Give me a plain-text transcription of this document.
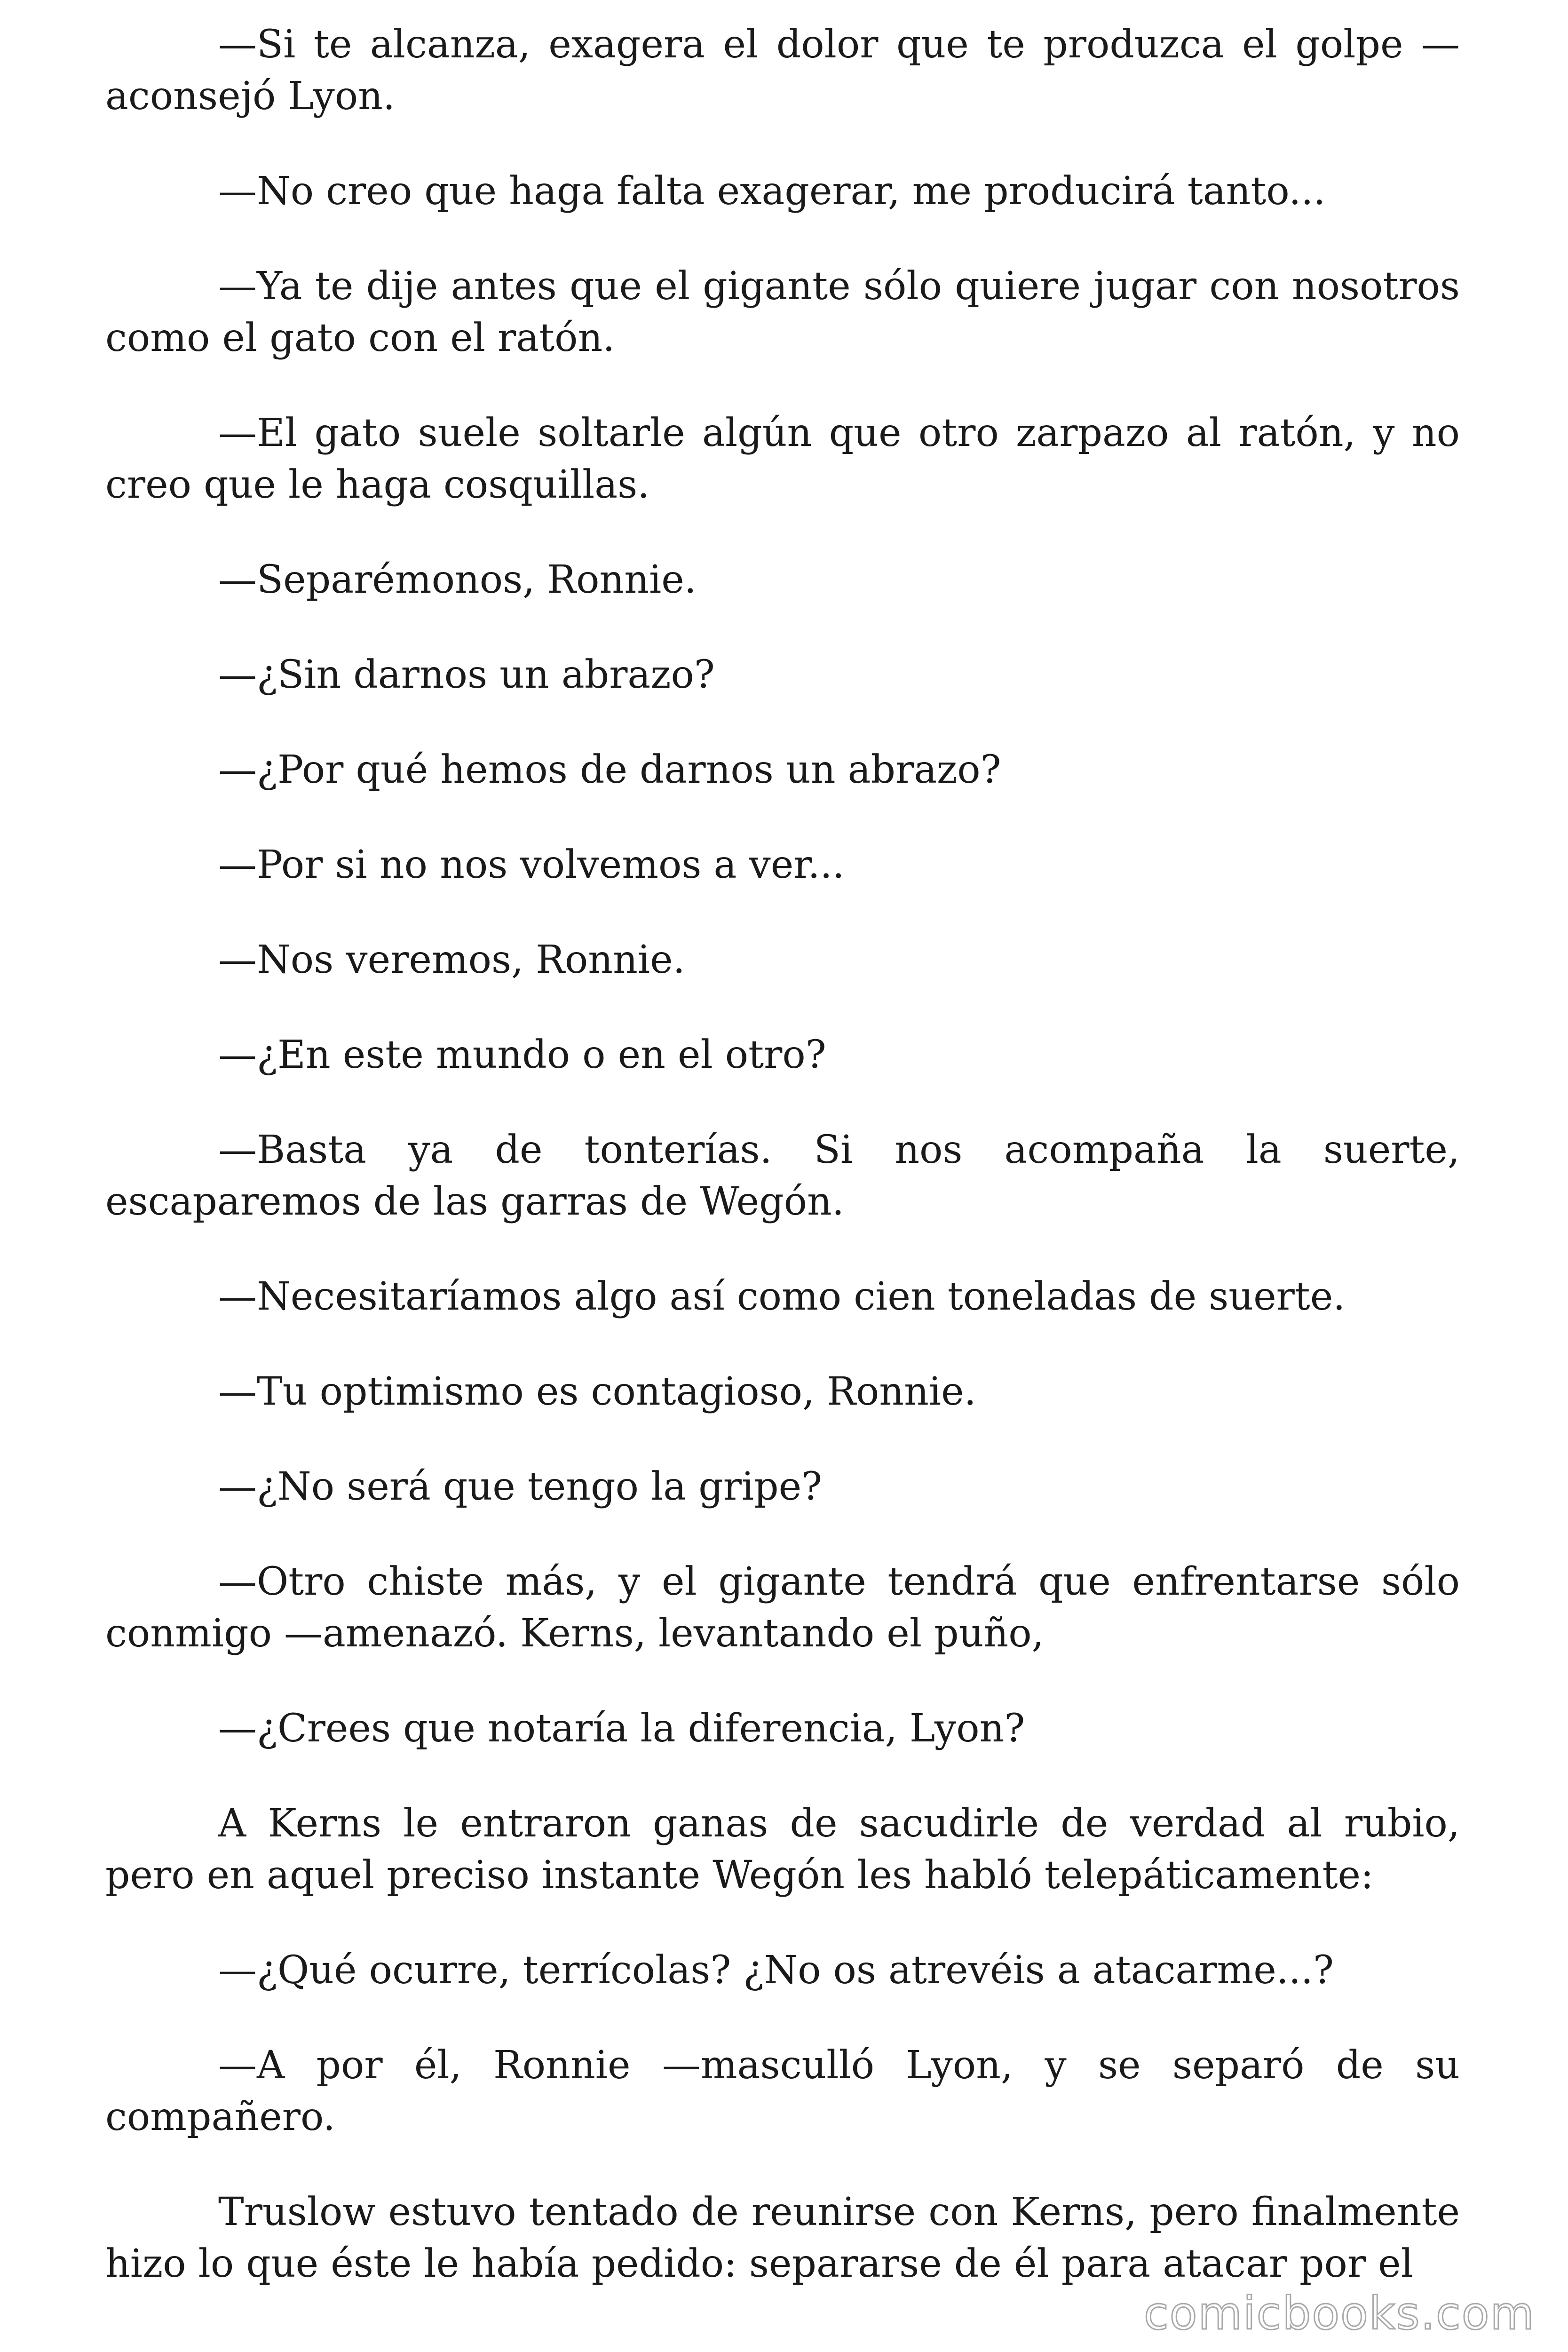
—Si te alcanza, exagera el dolor que te produzca el golpe —aconsejó Lyon.

—No creo que haga falta exagerar, me producirá tanto...

—Ya te dije antes que el gigante sólo quiere jugar con nosotros como el gato con el ratón.

—El gato suele soltarle algún que otro zarpazo al ratón, y no creo que le haga cosquillas.

—Separémonos, Ronnie.

—¿Sin darnos un abrazo?

—¿Por qué hemos de darnos un abrazo?

—Por si no nos volvemos a ver...

—Nos veremos, Ronnie.

—¿En este mundo o en el otro?

—Basta ya de tonterías. Si nos acompaña la suerte, escaparemos de las garras de Wegón.

—Necesitaríamos algo así como cien toneladas de suerte.

—Tu optimismo es contagioso, Ronnie.

—¿No será que tengo la gripe?

—Otro chiste más, y el gigante tendrá que enfrentarse sólo conmigo —amenazó. Kerns, levantando el puño,

—¿Crees que notaría la diferencia, Lyon?

A Kerns le entraron ganas de sacudirle de verdad al rubio, pero en aquel preciso instante Wegón les habló telepáticamente:

—¿Qué ocurre, terrícolas? ¿No os atrevéis a atacarme...?

—A por él, Ronnie —masculló Lyon, y se separó de su compañero.

Truslow estuvo tentado de reunirse con Kerns, pero finalmente hizo lo que éste le había pedido: separarse de él para atacar por el

comicbooks.com
